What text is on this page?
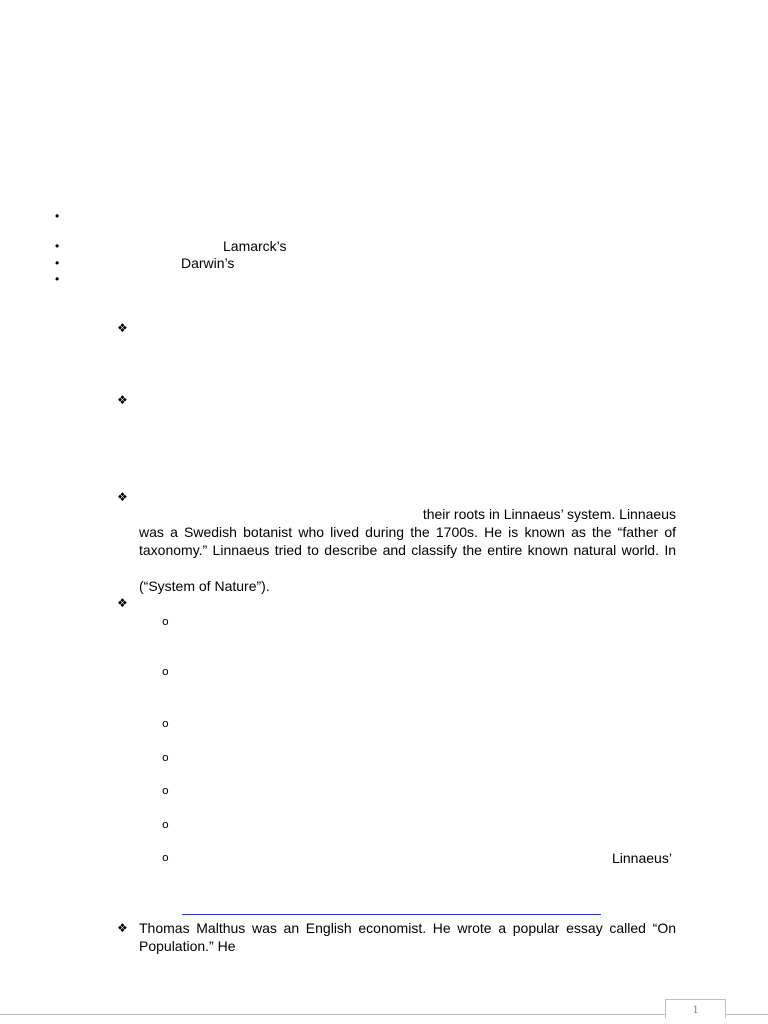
•
•	Lamarck’s
•	Darwin’s
•
❖
❖
❖
their roots in Linnaeus’ system. Linnaeus
was a Swedish botanist who lived during the 1700s. He is known as the “father of
taxonomy.” Linnaeus tried to describe and classify the entire known natural world. In
(“System of Nature”).
❖
o
o
o
o
o
o
o	Linnaeus’
❖ Thomas Malthus was an English economist. He wrote a popular essay called “On
Population.” He
1
